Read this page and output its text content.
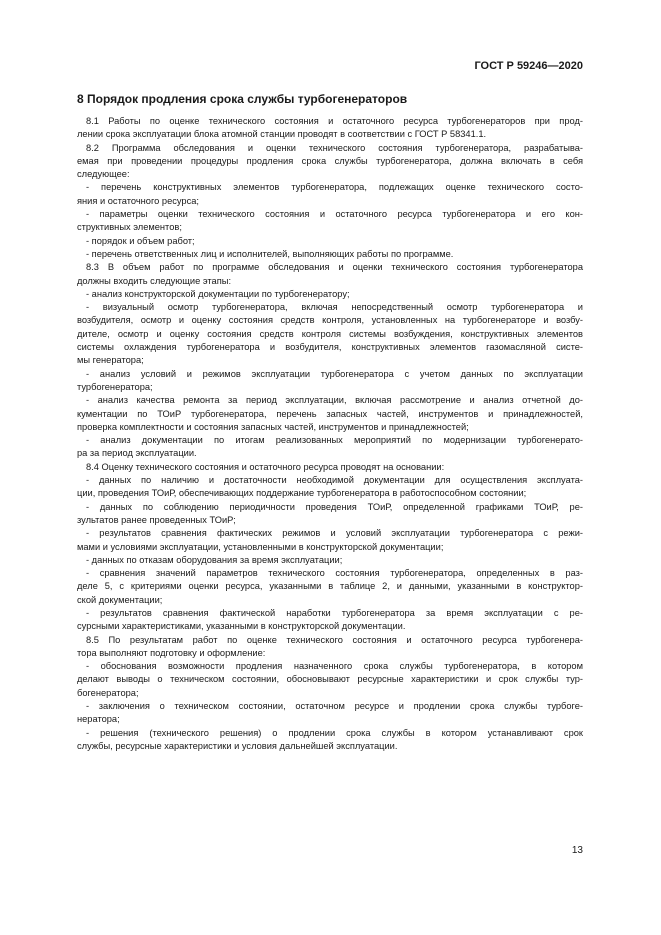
ГОСТ Р 59246—2020
8 Порядок продления срока службы турбогенераторов
8.1 Работы по оценке технического состояния и остаточного ресурса турбогенераторов при прод-
лении срока эксплуатации блока атомной станции проводят в соответствии с ГОСТ Р 58341.1.
8.2 Программа обследования и оценки технического состояния турбогенератора, разрабатыва-
емая при проведении процедуры продления срока службы турбогенератора, должна включать в себя
следующее:
- перечень конструктивных элементов турбогенератора, подлежащих оценке технического состо-
яния и остаточного ресурса;
- параметры оценки технического состояния и остаточного ресурса турбогенератора и его кон-
структивных элементов;
- порядок и объем работ;
- перечень ответственных лиц и исполнителей, выполняющих работы по программе.
8.3 В объем работ по программе обследования и оценки технического состояния турбогенератора
должны входить следующие этапы:
- анализ конструкторской документации по турбогенератору;
- визуальный осмотр турбогенератора, включая непосредственный осмотр турбогенератора и
возбудителя, осмотр и оценку состояния средств контроля, установленных на турбогенераторе и возбу-
дителе, осмотр и оценку состояния средств контроля системы возбуждения, конструктивных элементов
системы охлаждения турбогенератора и возбудителя, конструктивных элементов газомасляной систе-
мы генератора;
- анализ условий и режимов эксплуатации турбогенератора с учетом данных по эксплуатации
турбогенератора;
- анализ качества ремонта за период эксплуатации, включая рассмотрение и анализ отчетной до-
кументации по ТОиР турбогенератора, перечень запасных частей, инструментов и принадлежностей,
проверка комплектности и состояния запасных частей, инструментов и принадлежностей;
- анализ документации по итогам реализованных мероприятий по модернизации турбогенерато-
ра за период эксплуатации.
8.4 Оценку технического состояния и остаточного ресурса проводят на основании:
- данных по наличию и достаточности необходимой документации для осуществления эксплуата-
ции, проведения ТОиР, обеспечивающих поддержание турбогенератора в работоспособном состоянии;
- данных по соблюдению периодичности проведения ТОиР, определенной графиками ТОиР, ре-
зультатов ранее проведенных ТОиР;
- результатов сравнения фактических режимов и условий эксплуатации турбогенератора с режи-
мами и условиями эксплуатации, установленными в конструкторской документации;
- данных по отказам оборудования за время эксплуатации;
- сравнения значений параметров технического состояния турбогенератора, определенных в раз-
деле 5, с критериями оценки ресурса, указанными в таблице 2, и данными, указанными в конструктор-
ской документации;
- результатов сравнения фактической наработки турбогенератора за время эксплуатации с ре-
сурсными характеристиками, указанными в конструкторской документации.
8.5 По результатам работ по оценке технического состояния и остаточного ресурса турбогенера-
тора выполняют подготовку и оформление:
- обоснования возможности продления назначенного срока службы турбогенератора, в котором
делают выводы о техническом состоянии, обосновывают ресурсные характеристики и срок службы тур-
богенератора;
- заключения о техническом состоянии, остаточном ресурсе и продлении срока службы турбоге-
нератора;
- решения (технического решения) о продлении срока службы в котором устанавливают срок
службы, ресурсные характеристики и условия дальнейшей эксплуатации.
13
